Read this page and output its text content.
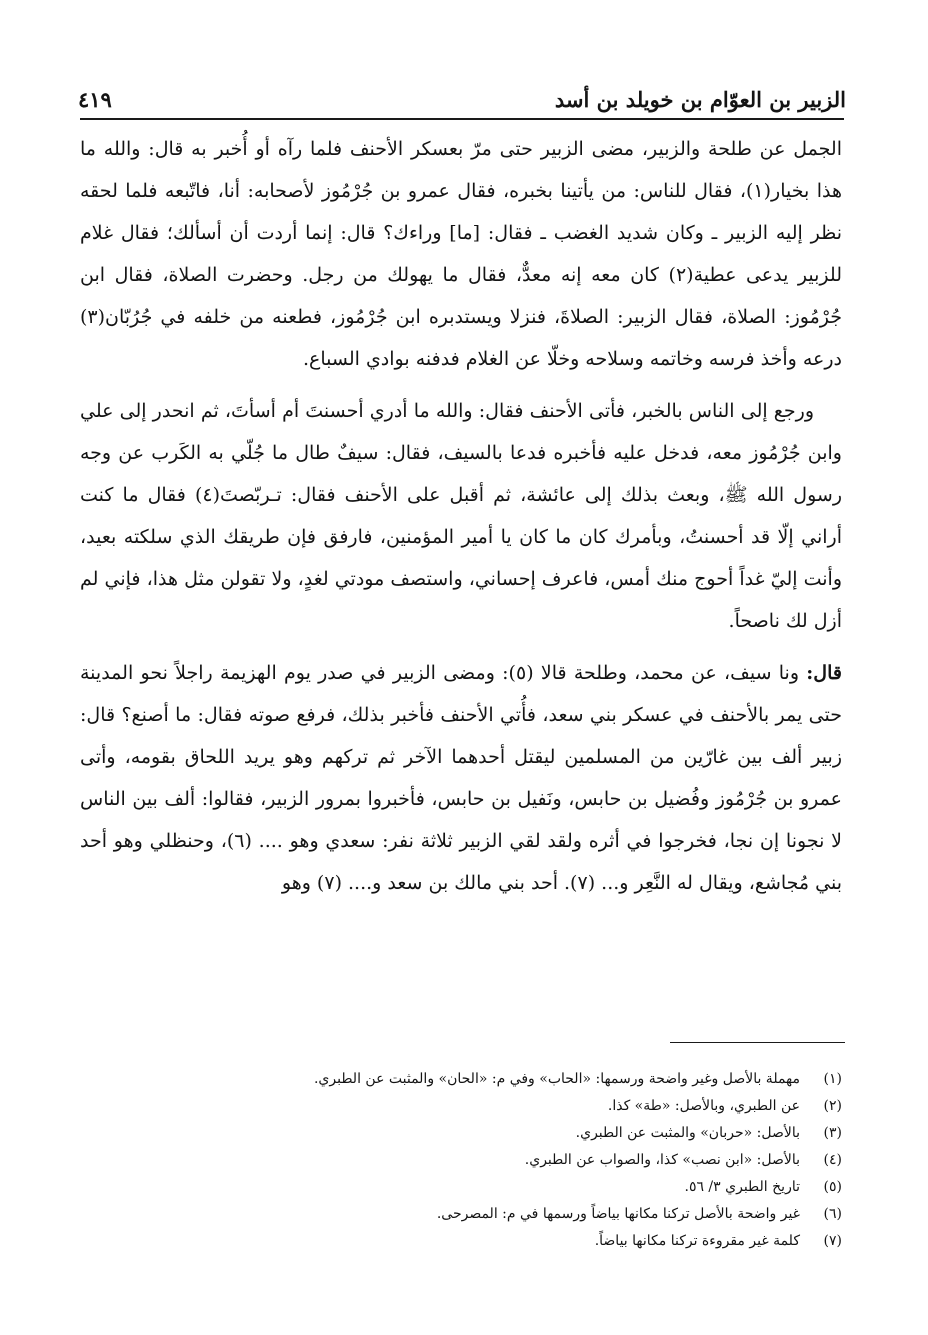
الزبير بن العوّام بن خويلد بن أسد
٤١٩

الجمل عن طلحة والزبير، مضى الزبير حتى مرّ بعسكر الأحنف فلما رآه أو أُخبر به قال: والله ما هذا بخيار(١)، فقال للناس: من يأتينا بخبره، فقال عمرو بن جُرْمُوز لأصحابه: أنا، فاتّبعه فلما لحقه نظر إليه الزبير ـ وكان شديد الغضب ـ فقال: [ما] وراءك؟ قال: إنما أردت أن أسألك؛ فقال غلام للزبير يدعى عطية(٢) كان معه إنه معدٌّ، فقال ما يهولك من رجل. وحضرت الصلاة، فقال ابن جُرْمُوز: الصلاة، فقال الزبير: الصلاةَ، فنزلا ويستدبره ابن جُرْمُوز، فطعنه من خلفه في جُرُبّان(٣) درعه وأخذ فرسه وخاتمه وسلاحه وخلّا عن الغلام فدفنه بوادي السباع.

ورجع إلى الناس بالخبر، فأتى الأحنف فقال: والله ما أدري أحسنتَ أم أسأتَ، ثم انحدر إلى علي وابن جُرْمُوز معه، فدخل عليه فأخبره فدعا بالسيف، فقال: سيفٌ طال ما جُلّي به الكَرب عن وجه رسول الله ﷺ، وبعث بذلك إلى عائشة، ثم أقبل على الأحنف فقال: تـربّصتَ(٤) فقال ما كنت أراني إلّا قد أحسنتُ، وبأمرك كان ما كان يا أمير المؤمنين، فارفق فإن طريقك الذي سلكته بعيد، وأنت إليّ غداً أحوج منك أمس، فاعرف إحساني، واستصف مودتي لغدٍ، ولا تقولن مثل هذا، فإني لم أزل لك ناصحاً.

قال: ونا سيف، عن محمد، وطلحة قالا (٥): ومضى الزبير في صدر يوم الهزيمة راجلاً نحو المدينة حتى يمر بالأحنف في عسكر بني سعد، فأُتي الأحنف فأخبر بذلك، فرفع صوته فقال: ما أصنع؟ قال: زبير ألف بين غارّين من المسلمين ليقتل أحدهما الآخر ثم تركهم وهو يريد اللحاق بقومه، وأتى عمرو بن جُرْمُوز وفُضيل بن حابس، ونَفيل بن حابس، فأخبروا بمرور الزبير، فقالوا: ألف بين الناس لا نجونا إن نجا، فخرجوا في أثره ولقد لقي الزبير ثلاثة نفر: سعدي وهو .... (٦)، وحنظلي وهو أحد بني مُجاشع، ويقال له النَّعِر و... (٧). أحد بني مالك بن سعد و.... (٧) وهو

(١)
مهملة بالأصل وغير واضحة ورسمها: «الحاب» وفي م: «الحان» والمثبت عن الطبري.
(٢)
عن الطبري، وبالأصل: «طة» كذا.
(٣)
بالأصل: «حربان» والمثبت عن الطبري.
(٤)
بالأصل: «ابن نصب» كذا، والصواب عن الطبري.
(٥)
تاريخ الطبري ٣/ ٥٦.
(٦)
غير واضحة بالأصل تركنا مكانها بياضاً ورسمها في م: المصرحى.
(٧)
كلمة غير مقروءة تركنا مكانها بياضاً.
